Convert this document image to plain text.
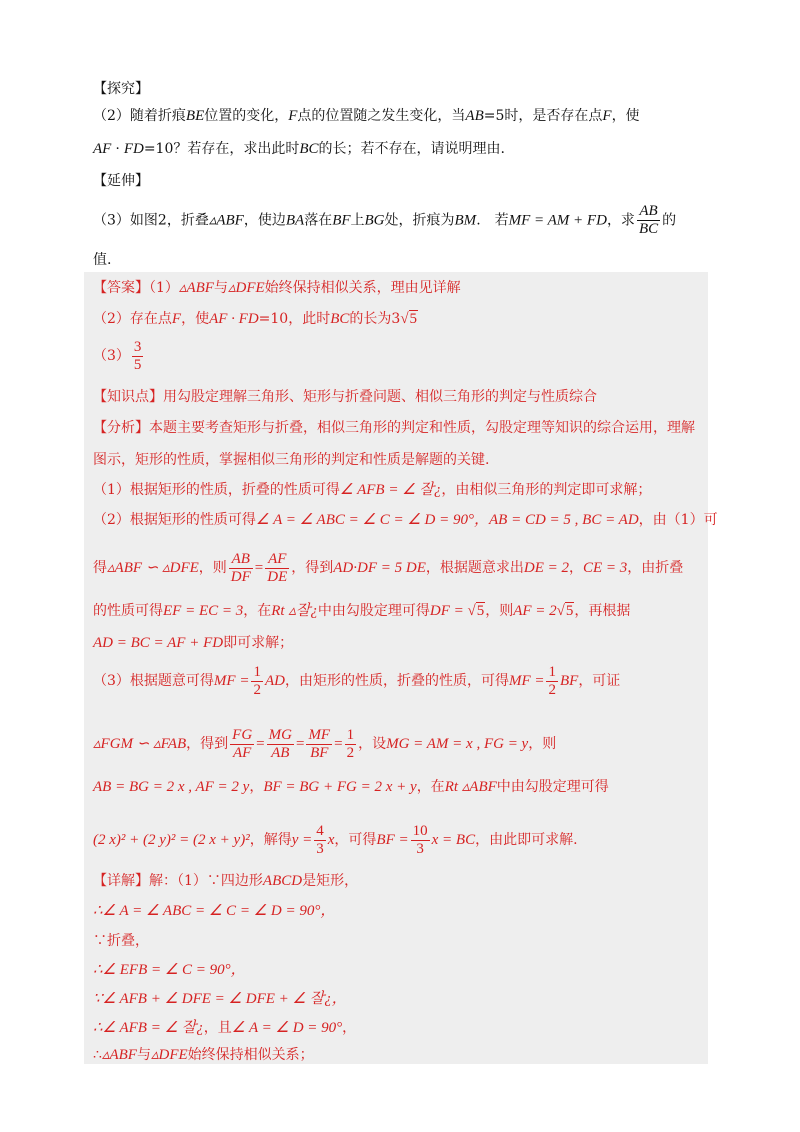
【探究】
（2）随着折痕BE位置的变化，F点的位置随之发生变化，当AB=5时，是否存在点F，使
AF · FD=10？若存在，求出此时BC的长；若不存在，请说明理由.
【延伸】
（3）如图2，折叠▵ABF，使边BA落在BF上BG处，折痕为BM.　若MF = AM + FD，求 $\frac{AB}{BC}$ 的
值.
【答案】（1）▵ABF与▵DFE始终保持相似关系，理由见详解
（2）存在点F，使AF · FD=10，此时BC的长为3√5
$(3) \frac{3}{5}$
【知识点】用勾股定理解三角形、矩形与折叠问题、相似三角形的判定与性质综合
【分析】本题主要考查矩形与折叠，相似三角形的判定和性质，勾股定理等知识的综合运用，理解
图示，矩形的性质，掌握相似三角形的判定和性质是解题的关键.
（1）根据矩形的性质，折叠的性质可得∠ AFB = ∠ 잘¿，由相似三角形的判定即可求解；
（2）根据矩形的性质可得∠ A = ∠ ABC = ∠ C = ∠ D = 90°，AB = CD = 5 , BC = AD，由（1）可
得▵ABF ∽ ▵DFE，则 $\frac{AB}{DF} = \frac{AF}{DE}$ ，得到AD·DF = 5 DE，根据题意求出DE = 2，CE = 3，由折叠
的性质可得EF = EC = 3，在Rt ▵잘¿中由勾股定理可得DF = √5，则AF = 2√5，再根据
AD = BC = AF + FD即可求解；
（3）根据题意可得MF = $\frac{1}{2}$ AD，由矩形的性质，折叠的性质，可得MF = $\frac{1}{2}$ BF，可证
▵FGM ∽ ▵FAB，得到 $\frac{FG}{AF} = \frac{MG}{AB} = \frac{MF}{BF} = \frac{1}{2}$ ，设MG = AM = x , FG = y，则
AB = BG = 2 x , AF = 2 y，BF = BG + FG = 2 x + y，在Rt ▵ABF中由勾股定理可得
(2 x)² + (2 y)² = (2 x + y)²，解得$y = \frac{4}{3}$ x，可得BF = $\frac{10}{3}$ x = BC，由此即可求解.
【详解】解：（1）∵四边形ABCD是矩形，
∴∠ A = ∠ ABC = ∠ C = ∠ D = 90°，
∵折叠，
∴∠ EFB = ∠ C = 90°，
∵∠ AFB + ∠ DFE = ∠ DFE + ∠ 잘¿，
∴∠ AFB = ∠ 잘¿，且∠ A = ∠ D = 90°，
∴▵ABF与▵DFE始终保持相似关系；
